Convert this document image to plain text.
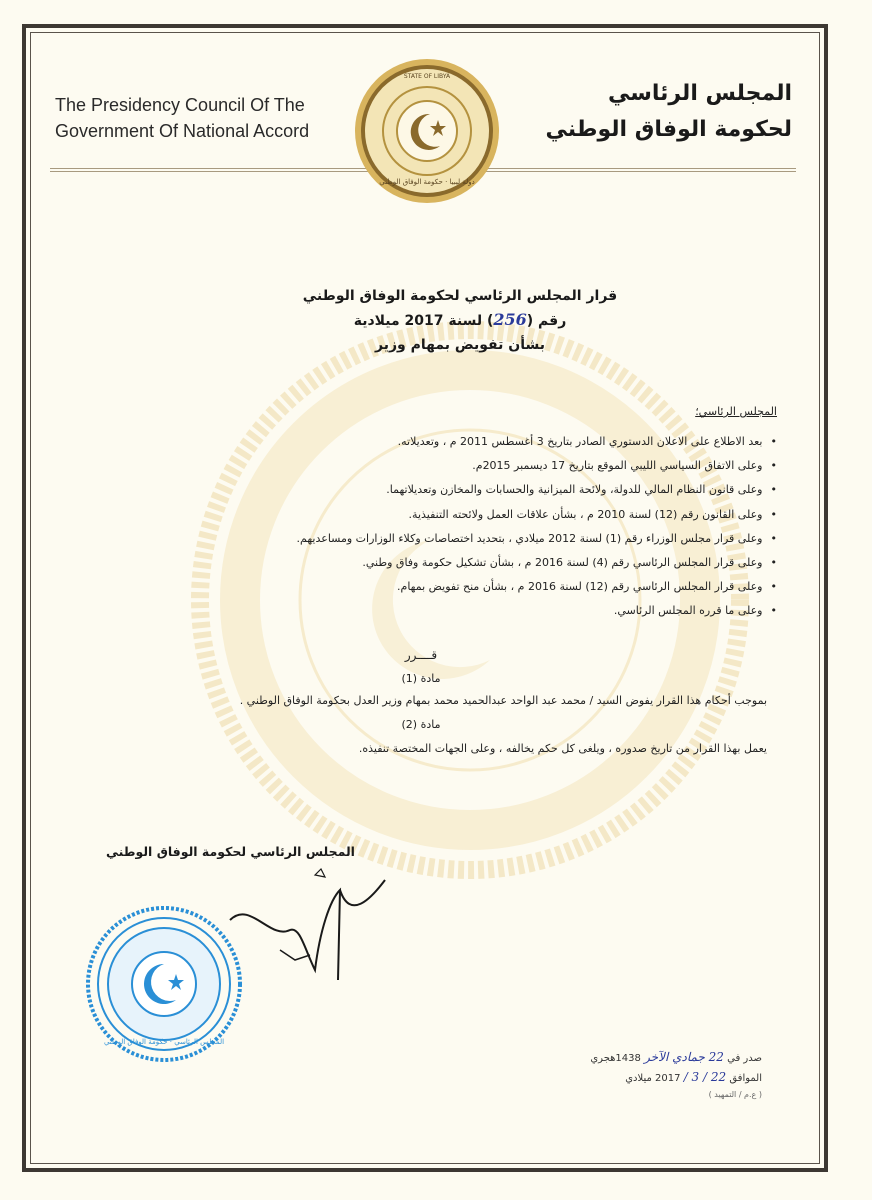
The Presidency Council Of The
Government Of National Accord
المجلس الرئاسي
لحكومة الوفاق الوطني
STATE OF LIBYA
دولة ليبيا · حكومة الوفاق الوطني
قرار المجلس الرئاسي لحكومة الوفاق الوطني
رقم (256) لسنة 2017 ميلادية
بشأن تفويض بمهام وزير
المجلس الرئاسي؛
• بعد الاطلاع على الاعلان الدستوري الصادر بتاريخ 3 أغسطس 2011 م ، وتعديلاته.
• وعلى الاتفاق السياسي الليبي الموقع بتاريخ 17 ديسمبر 2015م.
• وعلى قانون النظام المالي للدولة، ولائحة الميزانية والحسابات والمخازن وتعديلاتهما.
• وعلى القانون رقم (12) لسنة 2010 م ، بشأن علاقات العمل ولائحته التنفيذية.
• وعلى قرار مجلس الوزراء رقم (1) لسنة 2012 ميلادي ، بتحديد اختصاصات وكلاء الوزارات ومساعديهم.
• وعلى قرار المجلس الرئاسي رقم (4) لسنة 2016 م ، بشأن تشكيل حكومة وفاق وطني.
• وعلى قرار المجلس الرئاسي رقم (12) لسنة 2016 م ، بشأن منح تفويض بمهام.
• وعلى ما قرره المجلس الرئاسي.
قــــرر
مادة (1)
بموجب أحكام هذا القرار يفوض السيد / محمد عبد الواحد عبدالحميد محمد بمهام وزير العدل بحكومة الوفاق الوطني .
مادة (2)
يعمل بهذا القرار من تاريخ صدوره ، ويلغى كل حكم يخالفه ، وعلى الجهات المختصة تنفيذه.
المجلس الرئاسي لحكومة الوفاق الوطني
المجلس الرئاسي · حكومة الوفاق الوطني
صدر في 22 جمادي الآخر 1438هجري
الموافق 22 / 3 / 2017 ميلادي
( ع.م / التمهيد )
